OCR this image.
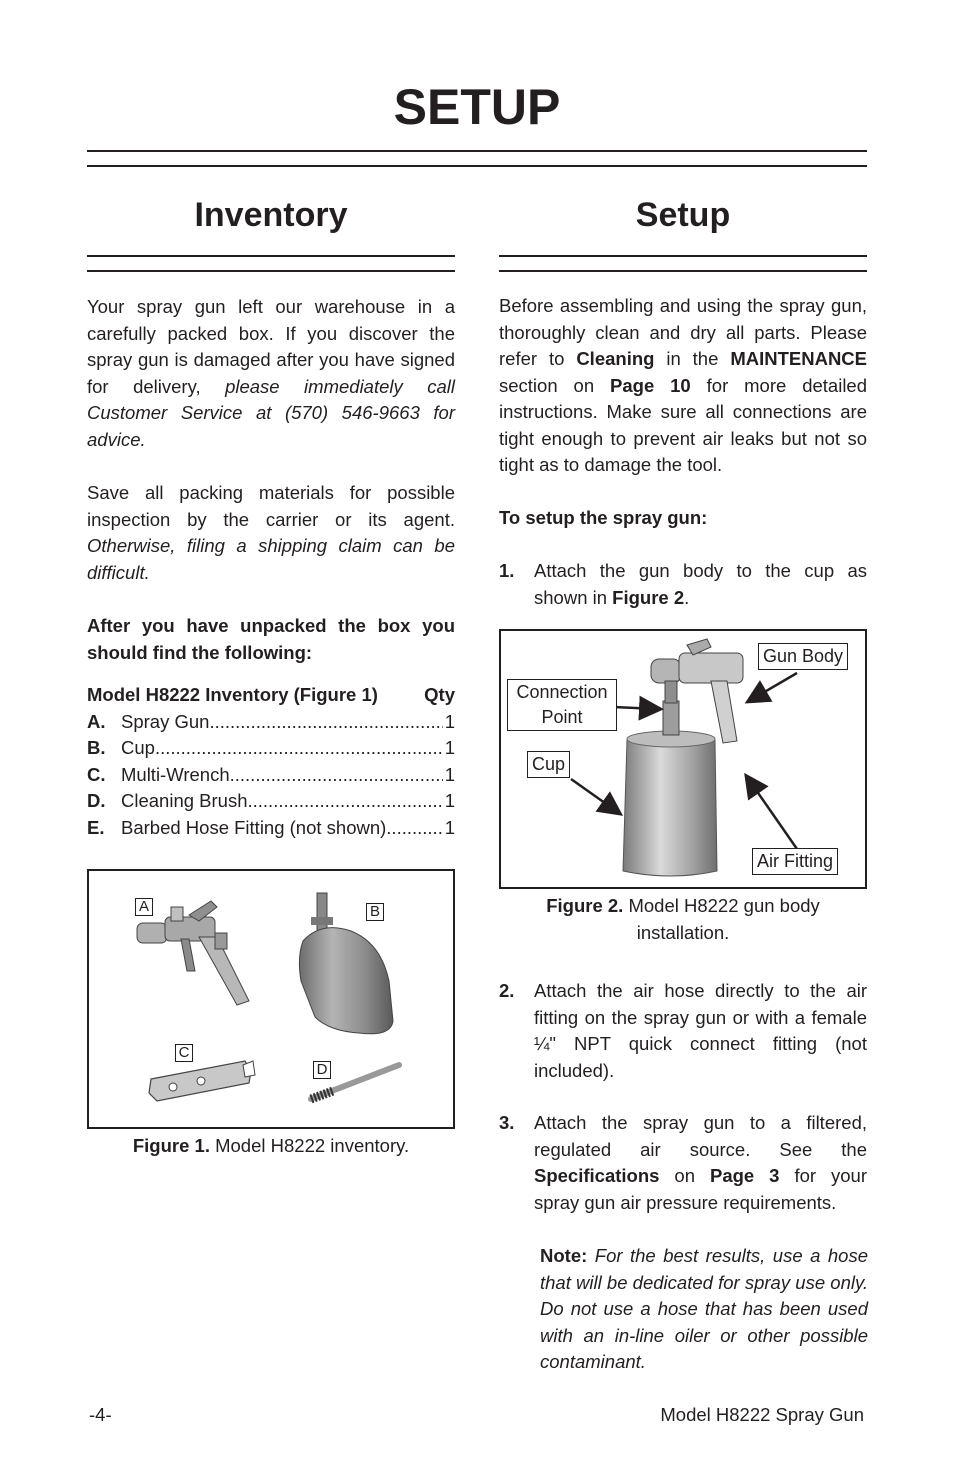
SETUP
Inventory

Your spray gun left our warehouse in a carefully packed box. If you discover the spray gun is damaged after you have signed for delivery, please immediately call Customer Service at (570) 546-9663 for advice.

Save all packing materials for possible inspection by the carrier or its agent. Otherwise, filing a shipping claim can be difficult.

After you have unpacked the box you should find the following:
Model H8222 Inventory (Figure 1) Qty
A. Spray Gun .....	1
B. Cup .....	1
C. Multi-Wrench .....	1
D. Cleaning Brush .....	1
E. Barbed Hose Fitting (not shown) .....	1
A	B
C
D
Figure 1. Model H8222 inventory.
Setup

Before assembling and using the spray gun, thoroughly clean and dry all parts. Please refer to Cleaning in the MAINTENANCE section on Page 10 for more detailed instructions. Make sure all connections are tight enough to prevent air leaks but not so tight as to damage the tool.

To setup the spray gun:
1. Attach the gun body to the cup as shown in Figure 2.
Gun Body
Connection
Point
Cup
Air Fitting
Figure 2. Model H8222 gun body
installation.
2. Attach the air hose directly to the air fitting on the spray gun or with a female ¼" NPT quick connect fitting (not included).
3. Attach the spray gun to a filtered, regulated air source. See the Specifications on Page 3 for your spray gun air pressure requirements.

Note: For the best results, use a hose that will be dedicated for spray use only. Do not use a hose that has been used with an in-line oiler or other possible contaminant.

-4-	Model H8222 Spray Gun
